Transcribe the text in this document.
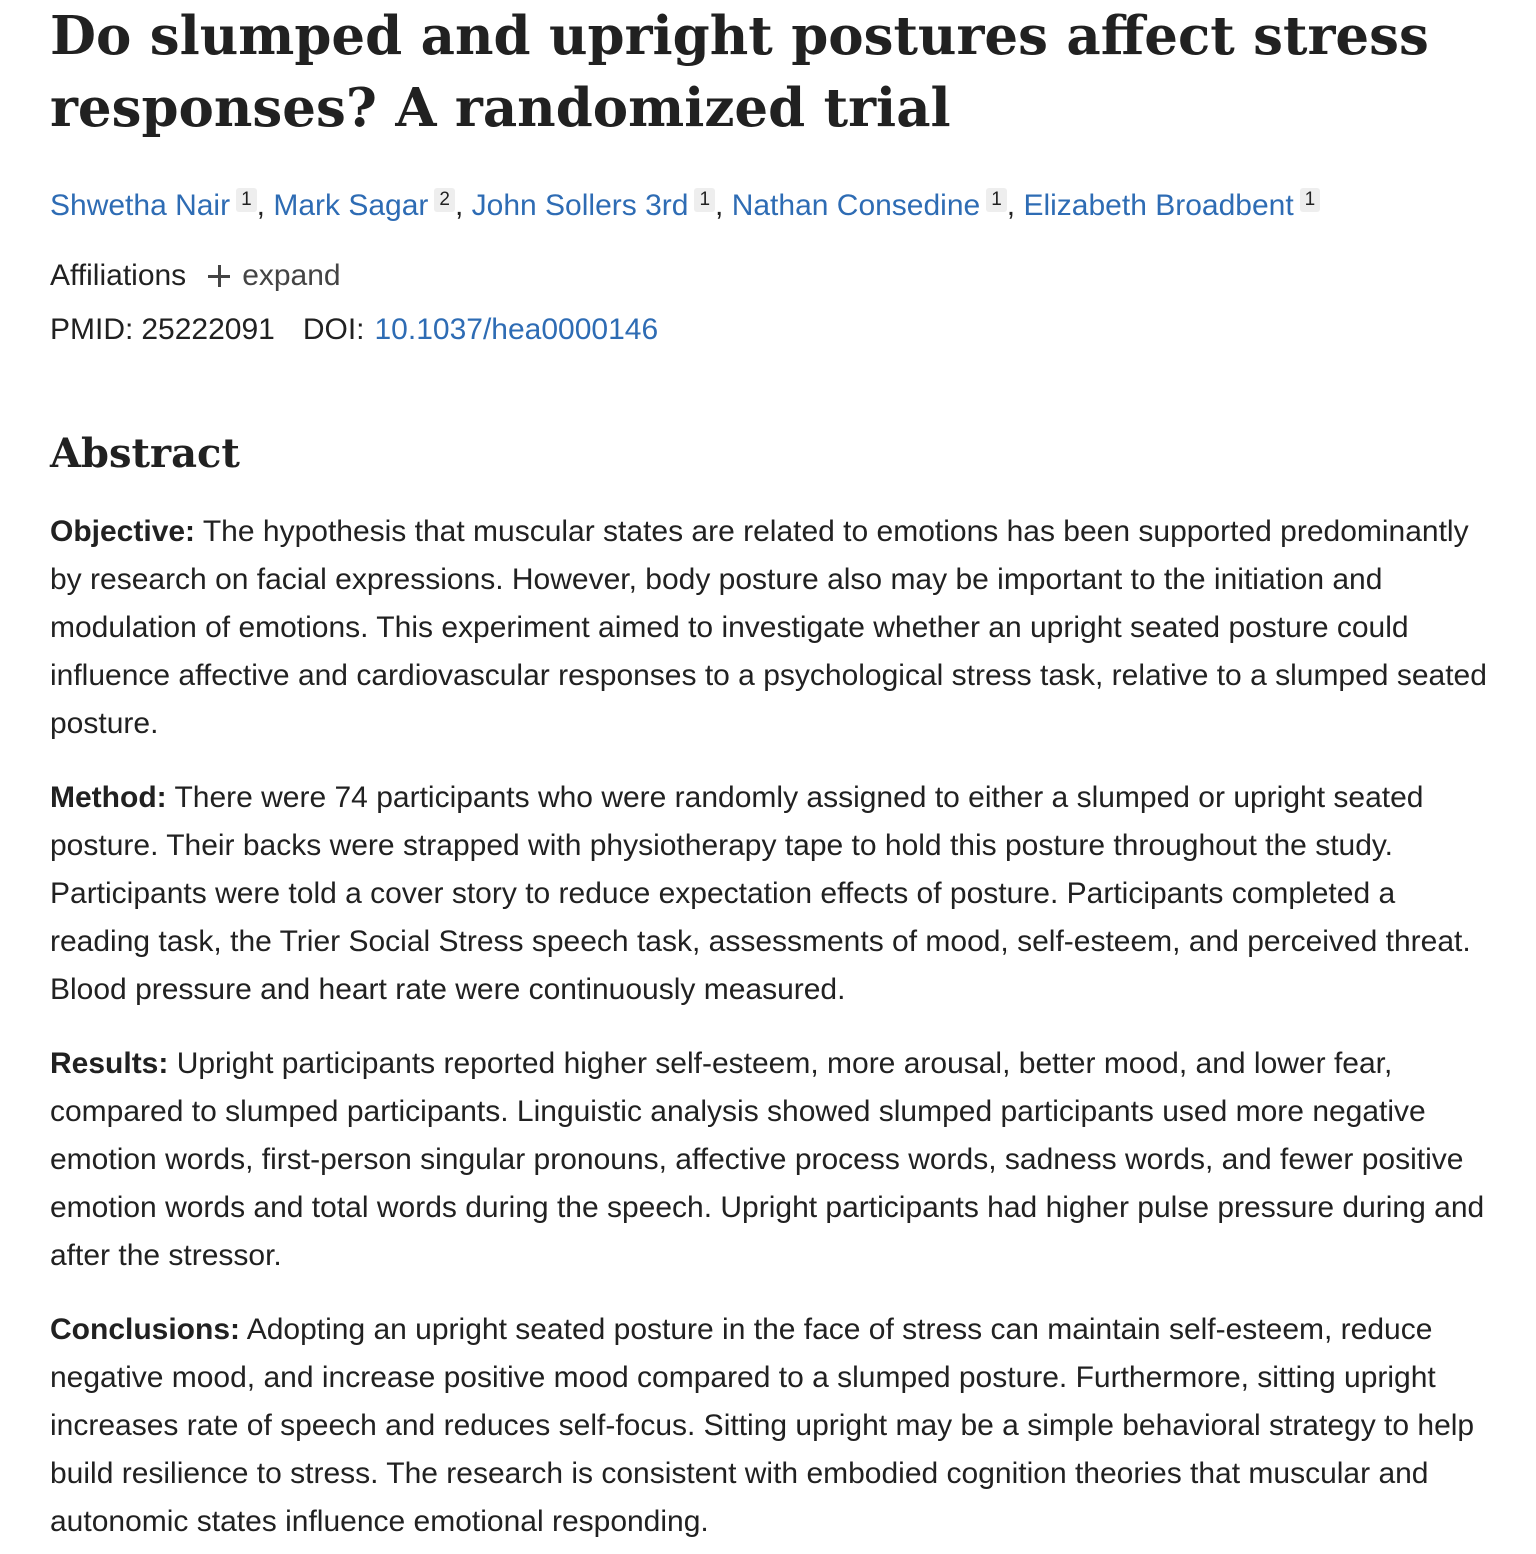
Do slumped and upright postures affect stress responses? A randomized trial
Shwetha Nair 1 , Mark Sagar 2 , John Sollers 3rd 1 , Nathan Consedine 1 , Elizabeth Broadbent 1
Affiliations expand
PMID: 25222091 DOI: 10.1037/hea0000146
Abstract

Objective: The hypothesis that muscular states are related to emotions has been supported predominantly by research on facial expressions. However, body posture also may be important to the initiation and modulation of emotions. This experiment aimed to investigate whether an upright seated posture could influence affective and cardiovascular responses to a psychological stress task, relative to a slumped seated posture.

Method: There were 74 participants who were randomly assigned to either a slumped or upright seated posture. Their backs were strapped with physiotherapy tape to hold this posture throughout the study. Participants were told a cover story to reduce expectation effects of posture. Participants completed a reading task, the Trier Social Stress speech task, assessments of mood, self-esteem, and perceived threat. Blood pressure and heart rate were continuously measured.

Results: Upright participants reported higher self-esteem, more arousal, better mood, and lower fear, compared to slumped participants. Linguistic analysis showed slumped participants used more negative emotion words, first-person singular pronouns, affective process words, sadness words, and fewer positive emotion words and total words during the speech. Upright participants had higher pulse pressure during and after the stressor.

Conclusions: Adopting an upright seated posture in the face of stress can maintain self-esteem, reduce negative mood, and increase positive mood compared to a slumped posture. Furthermore, sitting upright increases rate of speech and reduces self-focus. Sitting upright may be a simple behavioral strategy to help build resilience to stress. The research is consistent with embodied cognition theories that muscular and autonomic states influence emotional responding.
